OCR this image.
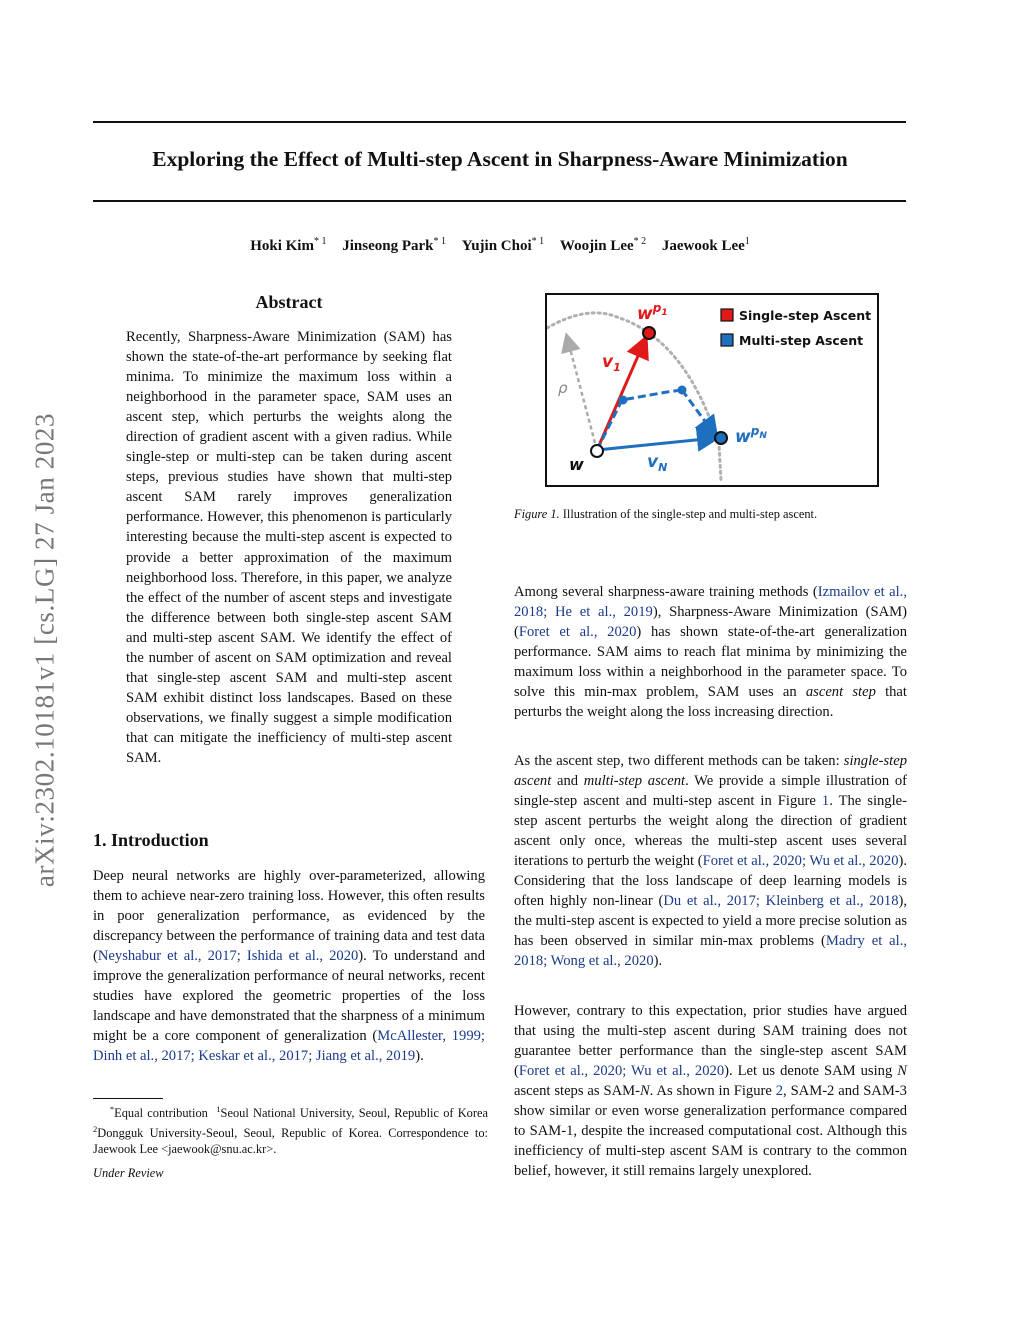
Exploring the Effect of Multi-step Ascent in Sharpness-Aware Minimization
Hoki Kim$^{* 1}$ Jinseong Park$^{* 1}$ Yujin Choi$^{* 1}$ Woojin Lee$^{* 2}$ Jaewook Lee$^1$
arXiv:2302.10181v1 [cs.LG] 27 Jan 2023
Abstract
Recently, Sharpness-Aware Minimization (SAM) has shown the state-of-the-art performance by seeking flat minima. To minimize the maximum loss within a neighborhood in the parameter space, SAM uses an ascent step, which perturbs the weights along the direction of gradient ascent with a given radius. While single-step or multi-step can be taken during ascent steps, previous studies have shown that multi-step ascent SAM rarely improves generalization performance. However, this phenomenon is particularly interesting because the multi-step ascent is expected to provide a better approximation of the maximum neighborhood loss. Therefore, in this paper, we analyze the effect of the number of ascent steps and investigate the difference between both single-step ascent SAM and multi-step ascent SAM. We identify the effect of the number of ascent on SAM optimization and reveal that single-step ascent SAM and multi-step ascent SAM exhibit distinct loss landscapes. Based on these observations, we finally suggest a simple modification that can mitigate the inefficiency of multi-step ascent SAM.
1. Introduction

Deep neural networks are highly over-parameterized, allowing them to achieve near-zero training loss. However, this often results in poor generalization performance, as evidenced by the discrepancy between the performance of training data and test data (Neyshabur et al., 2017; Ishida et al., 2020). To understand and improve the generalization performance of neural networks, recent studies have explored the geometric properties of the loss landscape and have demonstrated that the sharpness of a minimum might be a core component of generalization (McAllester, 1999; Dinh et al., 2017; Keskar et al., 2017; Jiang et al., 2019).

*Equal contribution $^1$Seoul National University, Seoul, Republic of Korea $^2$Dongguk University-Seoul, Seoul, Republic of Korea. Correspondence to: Jaewook Lee <jaewook@snu.ac.kr>.
Under Review
ρ
w
$w^p1$
$w^pN$
$v_1$
$v_N$
Single-step Ascent
Multi-step Ascent
Figure 1. Illustration of the single-step and multi-step ascent.

Among several sharpness-aware training methods (Izmailov et al., 2018; He et al., 2019), Sharpness-Aware Minimization (SAM) (Foret et al., 2020) has shown state-of-the-art generalization performance. SAM aims to reach flat minima by minimizing the maximum loss within a neighborhood in the parameter space. To solve this min-max problem, SAM uses an ascent step that perturbs the weight along the loss increasing direction.

As the ascent step, two different methods can be taken: single-step ascent and multi-step ascent. We provide a simple illustration of single-step ascent and multi-step ascent in Figure 1. The single-step ascent perturbs the weight along the direction of gradient ascent only once, whereas the multi-step ascent uses several iterations to perturb the weight (Foret et al., 2020; Wu et al., 2020). Considering that the loss landscape of deep learning models is often highly non-linear (Du et al., 2017; Kleinberg et al., 2018), the multi-step ascent is expected to yield a more precise solution as has been observed in similar min-max problems (Madry et al., 2018; Wong et al., 2020).

However, contrary to this expectation, prior studies have argued that using the multi-step ascent during SAM training does not guarantee better performance than the single-step ascent SAM (Foret et al., 2020; Wu et al., 2020). Let us denote SAM using N ascent steps as SAM-N. As shown in Figure 2, SAM-2 and SAM-3 show similar or even worse generalization performance compared to SAM-1, despite the increased computational cost. Although this inefficiency of multi-step ascent SAM is contrary to the common belief, however, it still remains largely unexplored.
